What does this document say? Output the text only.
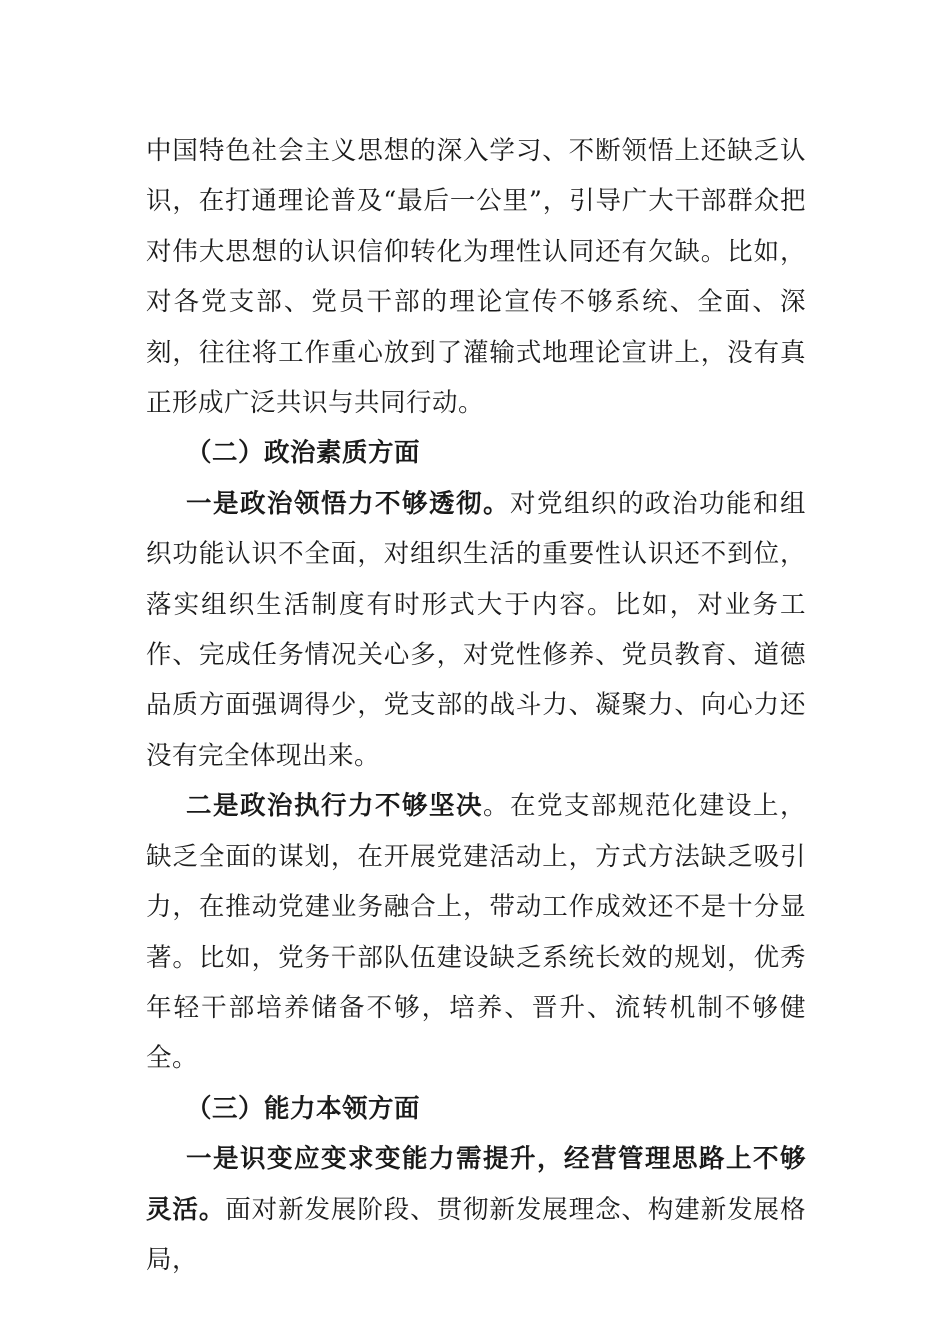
中国特色社会主义思想的深入学习、不断领悟上还缺乏认识，在打通理论普及“最后一公里”，引导广大干部群众把对伟大思想的认识信仰转化为理性认同还有欠缺。比如，对各党支部、党员干部的理论宣传不够系统、全面、深刻，往往将工作重心放到了灌输式地理论宣讲上，没有真正形成广泛共识与共同行动。

（二）政治素质方面

一是政治领悟力不够透彻。对党组织的政治功能和组织功能认识不全面，对组织生活的重要性认识还不到位，落实组织生活制度有时形式大于内容。比如，对业务工作、完成任务情况关心多，对党性修养、党员教育、道德品质方面强调得少，党支部的战斗力、凝聚力、向心力还没有完全体现出来。

二是政治执行力不够坚决。在党支部规范化建设上，缺乏全面的谋划，在开展党建活动上，方式方法缺乏吸引力，在推动党建业务融合上，带动工作成效还不是十分显著。比如，党务干部队伍建设缺乏系统长效的规划，优秀年轻干部培养储备不够，培养、晋升、流转机制不够健全。

（三）能力本领方面

一是识变应变求变能力需提升，经营管理思路上不够灵活。面对新发展阶段、贯彻新发展理念、构建新发展格局，
